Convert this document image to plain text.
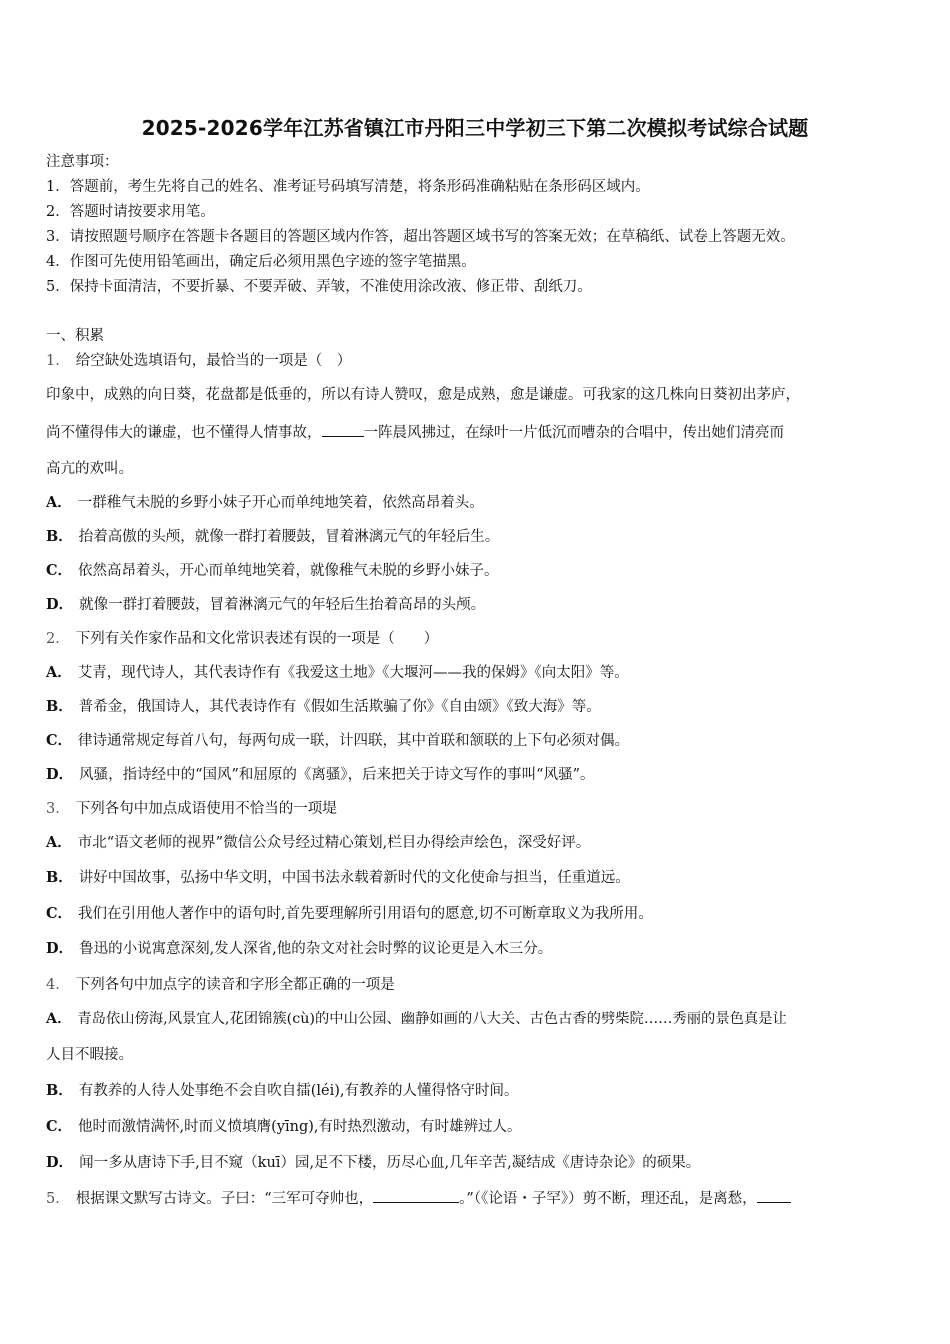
2025-2026学年江苏省镇江市丹阳三中学初三下第二次模拟考试综合试题
注意事项：
1．答题前，考生先将自己的姓名、准考证号码填写清楚，将条形码准确粘贴在条形码区域内。
2．答题时请按要求用笔。
3．请按照题号顺序在答题卡各题目的答题区域内作答，超出答题区域书写的答案无效；在草稿纸、试卷上答题无效。
4．作图可先使用铅笔画出，确定后必须用黑色字迹的签字笔描黑。
5．保持卡面清洁，不要折暴、不要弄破、弄皱，不准使用涂改液、修正带、刮纸刀。
一、积累
1． 给空缺处选填语句，最恰当的一项是（　）
印象中，成熟的向日葵，花盘都是低垂的，所以有诗人赞叹，愈是成熟，愈是谦虚。可我家的这几株向日葵初出茅庐，
尚不懂得伟大的谦虚，也不懂得人情事故，	一阵晨风拂过，在绿叶一片低沉而嘈杂的合唱中，传出她们清亮而
高亢的欢叫。
A． 一群稚气未脱的乡野小妹子开心而单纯地笑着，依然高昂着头。
B． 抬着高傲的头颅，就像一群打着腰鼓，冒着淋漓元气的年轻后生。
C． 依然高昂着头，开心而单纯地笑着，就像稚气未脱的乡野小妹子。
D． 就像一群打着腰鼓，冒着淋漓元气的年轻后生抬着高昂的头颅。
2． 下列有关作家作品和文化常识表述有误的一项是（　　）
A． 艾青，现代诗人，其代表诗作有《我爱这土地》《大堰河——我的保姆》《向太阳》等。
B． 普希金，俄国诗人，其代表诗作有《假如生活欺骗了你》《自由颂》《致大海》等。
C． 律诗通常规定每首八句，每两句成一联，计四联，其中首联和颔联的上下句必须对偶。
D． 风骚，指诗经中的“国风”和屈原的《离骚》，后来把关于诗文写作的事叫“风骚”。
3． 下列各句中加点成语使用不恰当的一项堤
A． 市北“语文老师的视界”微信公众号经过精心策划,栏目办得绘声绘色，深受好评。
B． 讲好中国故事，弘扬中华文明，中国书法永载着新时代的文化使命与担当，任重道远。
C． 我们在引用他人著作中的语句时,首先要理解所引用语句的愿意,切不可断章取义为我所用。
D． 鲁迅的小说寓意深刻,发人深省,他的杂文对社会时弊的议论更是入木三分。
4． 下列各句中加点字的读音和字形全都正确的一项是
A． 青岛依山傍海,风景宜人,花团锦簇(cù)的中山公园、幽静如画的八大关、古色古香的劈柴院……秀丽的景色真是让
人目不暇接。
B． 有教养的人待人处事绝不会自吹自擂(léi),有教养的人懂得恪守时间。
C． 他时而激情满怀,时而义愤填膺(yīng),有时热烈激动，有时雄辨过人。
D． 闻一多从唐诗下手,目不窥（kuī）园,足不下楼，历尽心血,几年辛苦,凝结成《唐诗杂论》的硕果。
5． 根据课文默写古诗文。子曰：“三军可夺帅也，	。”（《论语・子罕》）剪不断，理还乱，是离愁，
